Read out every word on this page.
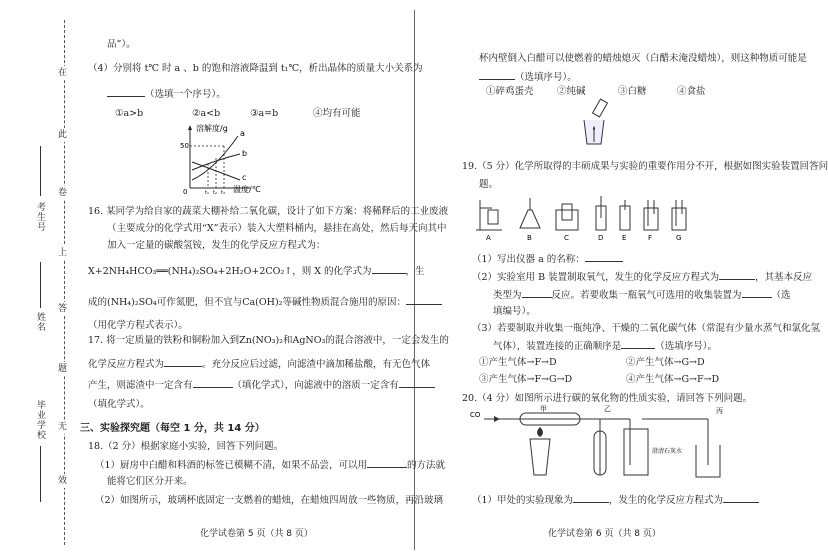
在
此
卷
上
答
题
无
效
考生号
姓名
毕业学校
品”）。
（4）分别将 t℃ 时 a 、b 的饱和溶液降温到 t₁℃，析出晶体的质量大小关系为
（选填一个序号）。
①a>b	②a<b	③a=b	④均有可能
溶解度/g
温度/℃
50
0
a
b
c
t₁ t₂ t₃
16. 某同学为给自家的蔬菜大棚补给二氧化碳，设计了如下方案：将稀释后的工业废液
（主要成分的化学式用“X”表示）装入大塑料桶内，悬挂在高处，然后每天向其中
加入一定量的碳酸氢铵，发生的化学反应方程式为：
X+2NH₄HCO₃══(NH₄)₂SO₄+2H₂O+2CO₂↑，则 X 的化学式为	，生
成的(NH₄)₂SO₄可作氮肥，但不宜与Ca(OH)₂等碱性物质混合施用的原因：
（用化学方程式表示）。
17. 将一定质量的铁粉和铜粉加入到Zn(NO₃)₂和AgNO₃的混合溶液中，一定会发生的
化学反应方程式为	。充分反应后过滤，向滤渣中滴加稀盐酸，有无色气体
产生，则滤渣中一定含有	（填化学式），向滤液中的溶质一定含有
（填化学式）。
三、实验探究题（每空 1 分，共 14 分）
18.（2 分）根据家庭小实验，回答下列问题。
（1）厨房中白醋和料酒的标签已模糊不清，如果不品尝，可以用	的方法就
能将它们区分开来。
（2）如图所示，玻璃杯底固定一支燃着的蜡烛，在蜡烛四周放一些物质，再沿玻璃
化学试卷第 5 页（共 8 页）
杯内壁倒入白醋可以使燃着的蜡烛熄灭（白醋未淹没蜡烛），则这种物质可能是
（选填序号）。
①碎鸡蛋壳 ②纯碱	③白糖	④食盐
19.（5 分）化学所取得的丰硕成果与实验的重要作用分不开，根据如图实验装置回答问
题。
A	B	C	D	E	F	G
（1）写出仪器 a 的名称：
（2）实验室用 B 装置制取氧气，发生的化学反应方程式为	，其基本反应
类型为	反应。若要收集一瓶氧气可选用的收集装置为	（选
填编号）。
（3）若要制取并收集一瓶纯净、干燥的二氧化碳气体（常混有少量水蒸气和氯化氢
气体），装置连接的正确顺序是	（选填序号）。
①产生气体→F→D	②产生气体→G→D
③产生气体→F→G→D	④产生气体→G→F→D
20.（4 分）如图所示进行碳的氧化物的性质实验，请回答下列问题。
CO
甲	乙
澄清石灰水
丙
（1）甲处的实验现象为	，发生的化学反应方程式为
化学试卷第 6 页（共 8 页）
